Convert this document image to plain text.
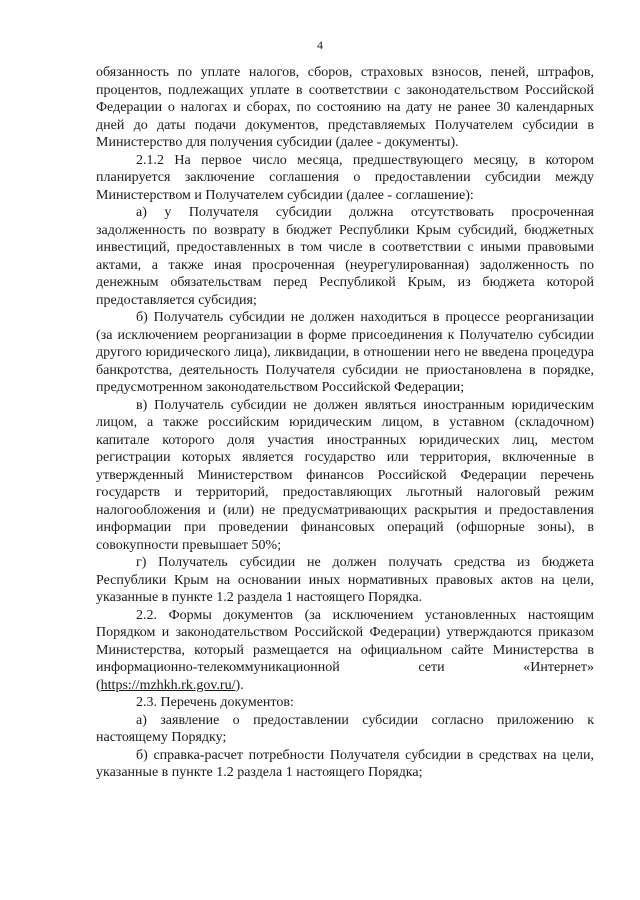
4

обязанность по уплате налогов, сборов, страховых взносов, пеней, штрафов, процентов, подлежащих уплате в соответствии с законодательством Российской Федерации о налогах и сборах, по состоянию на дату не ранее 30 календарных дней до даты подачи документов, представляемых Получателем субсидии в Министерство для получения субсидии (далее - документы).

2.1.2 На первое число месяца, предшествующего месяцу, в котором планируется заключение соглашения о предоставлении субсидии между Министерством и Получателем субсидии (далее - соглашение):

а) у Получателя субсидии должна отсутствовать просроченная задолженность по возврату в бюджет Республики Крым субсидий, бюджетных инвестиций, предоставленных в том числе в соответствии с иными правовыми актами, а также иная просроченная (неурегулированная) задолженность по денежным обязательствам перед Республикой Крым, из бюджета которой предоставляется субсидия;

б) Получатель субсидии не должен находиться в процессе реорганизации (за исключением реорганизации в форме присоединения к Получателю субсидии другого юридического лица), ликвидации, в отношении него не введена процедура банкротства, деятельность Получателя субсидии не приостановлена в порядке, предусмотренном законодательством Российской Федерации;

в) Получатель субсидии не должен являться иностранным юридическим лицом, а также российским юридическим лицом, в уставном (складочном) капитале которого доля участия иностранных юридических лиц, местом регистрации которых является государство или территория, включенные в утвержденный Министерством финансов Российской Федерации перечень государств и территорий, предоставляющих льготный налоговый режим налогообложения и (или) не предусматривающих раскрытия и предоставления информации при проведении финансовых операций (офшорные зоны), в совокупности превышает 50%;

г) Получатель субсидии не должен получать средства из бюджета Республики Крым на основании иных нормативных правовых актов на цели, указанные в пункте 1.2 раздела 1 настоящего Порядка.

2.2. Формы документов (за исключением установленных настоящим Порядком и законодательством Российской Федерации) утверждаются приказом Министерства, который размещается на официальном сайте Министерства в информационно-телекоммуникационной сети «Интернет» (https://mzhkh.rk.gov.ru/).

2.3. Перечень документов:

а) заявление о предоставлении субсидии согласно приложению к настоящему Порядку;

б) справка-расчет потребности Получателя субсидии в средствах на цели, указанные в пункте 1.2 раздела 1 настоящего Порядка;
